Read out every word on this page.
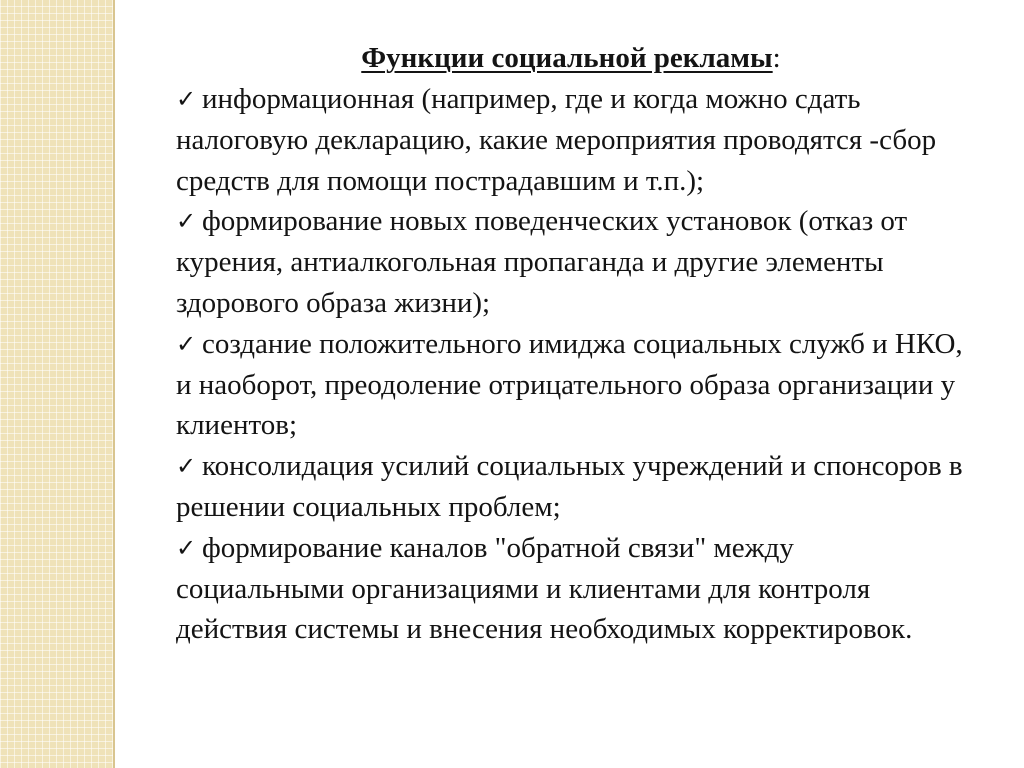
Функции социальной рекламы:

✓ информационная (например, где и когда можно сдать налоговую декларацию, какие мероприятия проводятся -сбор средств для помощи пострадавшим и т.п.);

✓ формирование новых поведенческих установок (отказ от курения, антиалкогольная пропаганда и другие элементы здорового образа жизни);

✓ создание положительного имиджа социальных служб и НКО, и наоборот, преодоление отрицательного образа организации у клиентов;

✓ консолидация усилий социальных учреждений и спонсоров в решении социальных проблем;

✓ формирование каналов "обратной связи" между социальными организациями и клиентами для контроля действия системы и внесения необходимых корректировок.
